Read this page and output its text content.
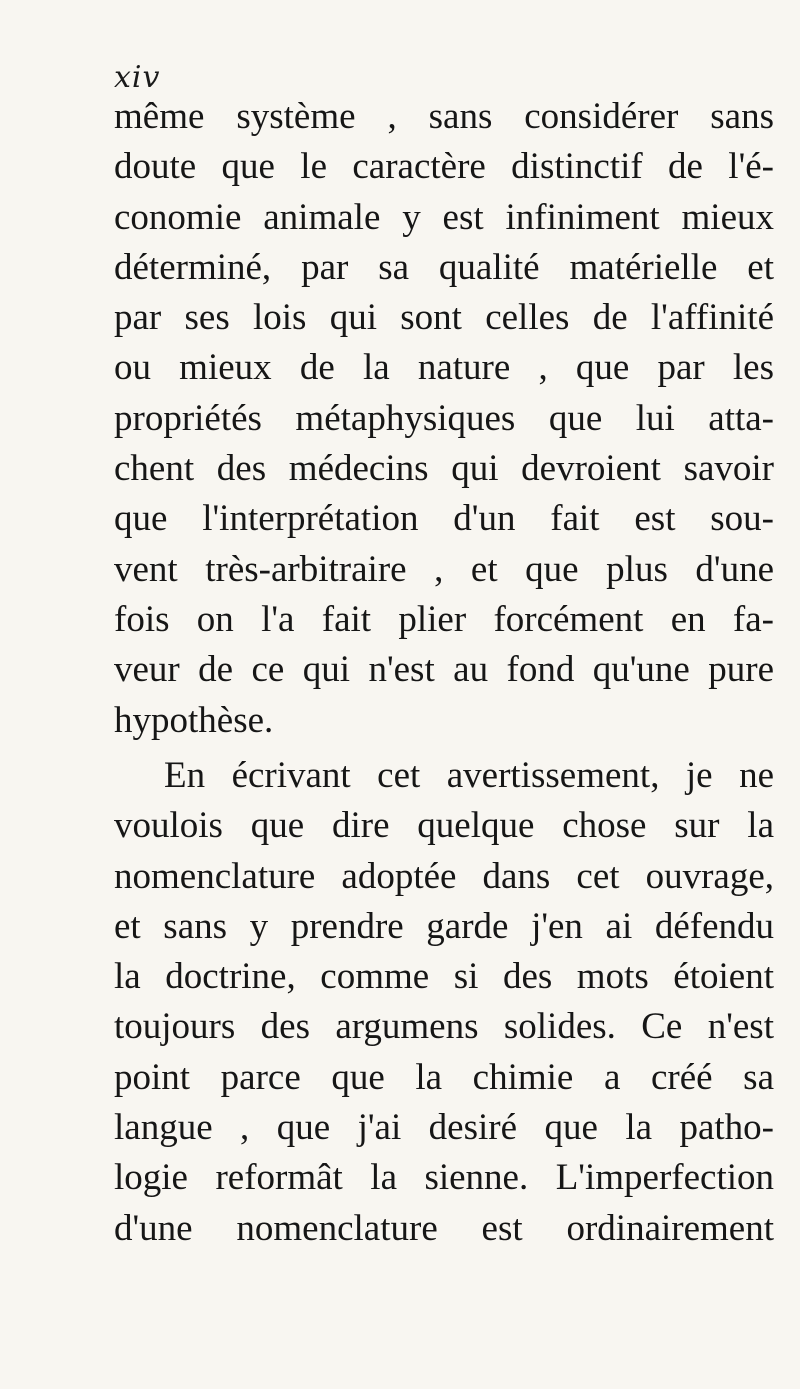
xiv
même système , sans considérer sans
doute que le caractère distinctif de l'é-
conomie animale y est infiniment mieux
déterminé, par sa qualité matérielle et
par ses lois qui sont celles de l'affinité
ou mieux de la nature , que par les
propriétés métaphysiques que lui atta-
chent des médecins qui devroient savoir
que l'interprétation d'un fait est sou-
vent très-arbitraire , et que plus d'une
fois on l'a fait plier forcément en fa-
veur de ce qui n'est au fond qu'une pure
hypothèse.
En écrivant cet avertissement, je ne
voulois que dire quelque chose sur la
nomenclature adoptée dans cet ouvrage,
et sans y prendre garde j'en ai défendu
la doctrine, comme si des mots étoient
toujours des argumens solides. Ce n'est
point parce que la chimie a créé sa
langue , que j'ai desiré que la patho-
logie reformât la sienne. L'imperfection
d'une nomenclature est ordinairement
